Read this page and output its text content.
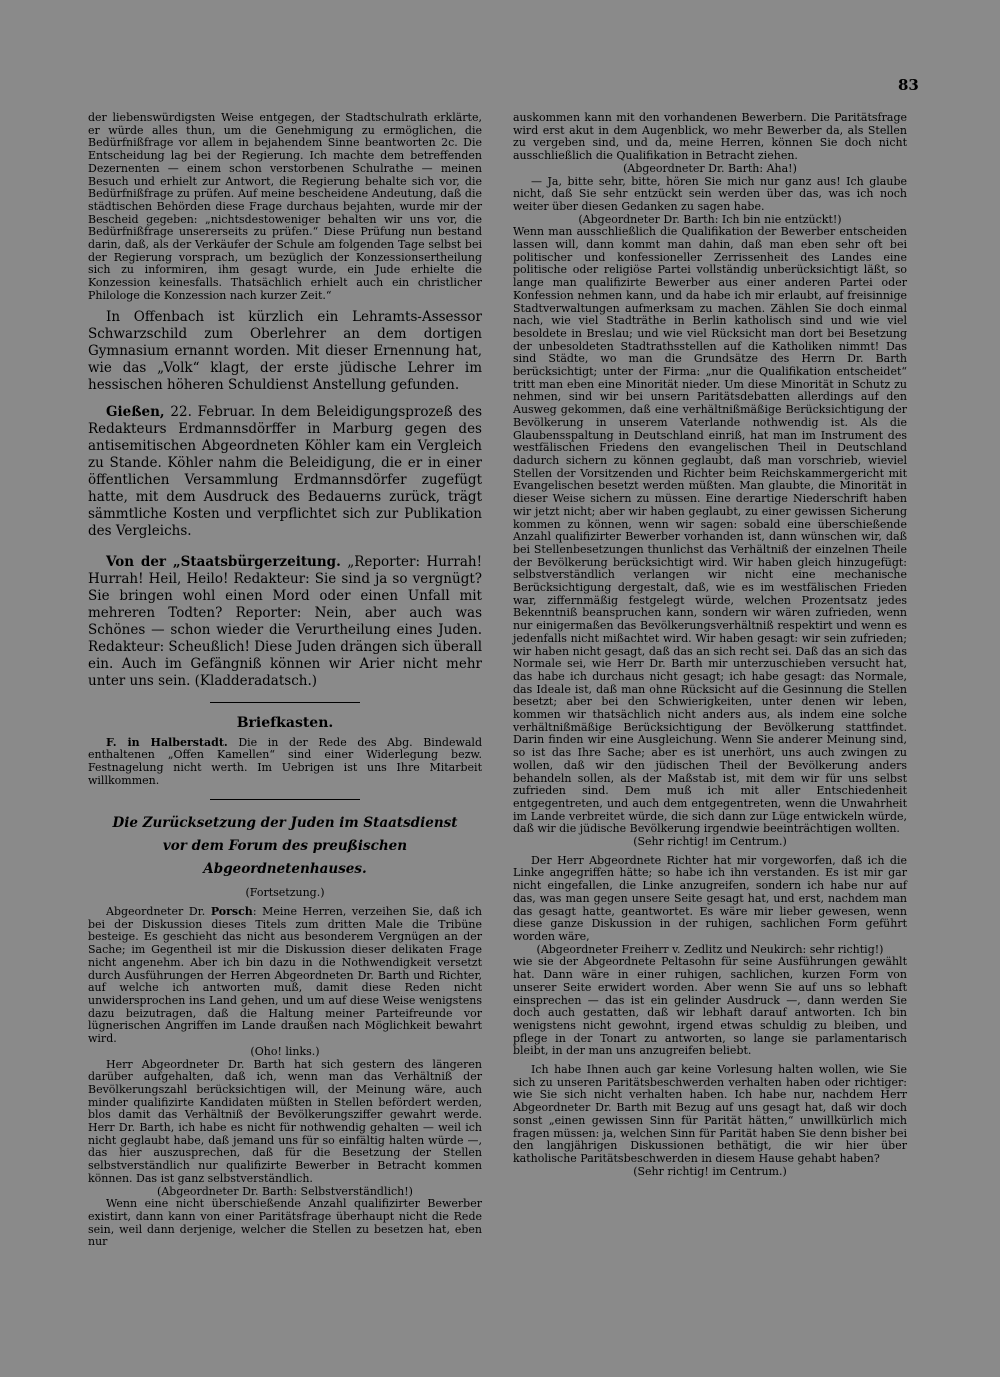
83

der liebenswürdigsten Weise entgegen, der Stadtschulrath erklärte, er würde alles thun, um die Genehmigung zu ermöglichen, die Bedürfnißfrage vor allem in bejahendem Sinne beantworten 2c. Die Entscheidung lag bei der Regierung. Ich machte dem betreffenden Dezernenten — einem schon verstorbenen Schulrathe — meinen Besuch und erhielt zur Antwort, die Regierung behalte sich vor, die Bedürfnißfrage zu prüfen. Auf meine bescheidene Andeutung, daß die städtischen Behörden diese Frage durchaus bejahten, wurde mir der Bescheid gegeben: „nichtsdestoweniger behalten wir uns vor, die Bedürfnißfrage unsererseits zu prüfen.“ Diese Prüfung nun bestand darin, daß, als der Verkäufer der Schule am folgenden Tage selbst bei der Regierung vorsprach, um bezüglich der Konzessionsertheilung sich zu informiren, ihm gesagt wurde, ein Jude erhielte die Konzession keinesfalls. Thatsächlich erhielt auch ein christlicher Philologe die Konzession nach kurzer Zeit.“

In Offenbach ist kürzlich ein Lehramts-Assessor Schwarzschild zum Oberlehrer an dem dortigen Gymnasium ernannt worden. Mit dieser Ernennung hat, wie das „Volk“ klagt, der erste jüdische Lehrer im hessischen höheren Schuldienst Anstellung gefunden.

Gießen, 22. Februar. In dem Beleidigungsprozeß des Redakteurs Erdmannsdörffer in Marburg gegen des antisemitischen Abgeordneten Köhler kam ein Vergleich zu Stande. Köhler nahm die Beleidigung, die er in einer öffentlichen Versammlung Erdmannsdörfer zugefügt hatte, mit dem Ausdruck des Bedauerns zurück, trägt sämmtliche Kosten und verpflichtet sich zur Publikation des Vergleichs.

Von der „Staatsbürgerzeitung. „Reporter: Hurrah! Hurrah! Heil, Heilo! Redakteur: Sie sind ja so vergnügt? Sie bringen wohl einen Mord oder einen Unfall mit mehreren Todten? Reporter: Nein, aber auch was Schönes — schon wieder die Verurtheilung eines Juden. Redakteur: Scheußlich! Diese Juden drängen sich überall ein. Auch im Gefängniß können wir Arier nicht mehr unter uns sein. (Kladderadatsch.)

Briefkasten.

F. in Halberstadt. Die in der Rede des Abg. Bindewald enthaltenen „Offen Kamellen“ sind einer Widerlegung bezw. Festnagelung nicht werth. Im Uebrigen ist uns Ihre Mitarbeit willkommen.

Die Zurücksetzung der Juden im Staatsdienst
vor dem Forum des preußischen Abgeordnetenhauses.

(Fortsetzung.)

Abgeordneter Dr. Porsch: Meine Herren, verzeihen Sie, daß ich bei der Diskussion dieses Titels zum dritten Male die Tribüne besteige. Es geschieht das nicht aus besonderem Vergnügen an der Sache; im Gegentheil ist mir die Diskussion dieser delikaten Frage nicht angenehm. Aber ich bin dazu in die Nothwendigkeit versetzt durch Ausführungen der Herren Abgeordneten Dr. Barth und Richter, auf welche ich antworten muß, damit diese Reden nicht unwidersprochen ins Land gehen, und um auf diese Weise wenigstens dazu beizutragen, daß die Haltung meiner Parteifreunde vor lügnerischen Angriffen im Lande draußen nach Möglichkeit bewahrt wird.

(Oho! links.)

Herr Abgeordneter Dr. Barth hat sich gestern des längeren darüber aufgehalten, daß ich, wenn man das Verhältniß der Bevölkerungszahl berücksichtigen will, der Meinung wäre, auch minder qualifizirte Kandidaten müßten in Stellen befördert werden, blos damit das Verhältniß der Bevölkerungsziffer gewahrt werde. Herr Dr. Barth, ich habe es nicht für nothwendig gehalten — weil ich nicht geglaubt habe, daß jemand uns für so einfältig halten würde —, das hier auszusprechen, daß für die Besetzung der Stellen selbstverständlich nur qualifizirte Bewerber in Betracht kommen können. Das ist ganz selbstverständlich.

(Abgeordneter Dr. Barth: Selbstverständlich!)

Wenn eine nicht überschießende Anzahl qualifizirter Bewerber existirt, dann kann von einer Paritätsfrage überhaupt nicht die Rede sein, weil dann derjenige, welcher die Stellen zu besetzen hat, eben nur

auskommen kann mit den vorhandenen Bewerbern. Die Paritätsfrage wird erst akut in dem Augenblick, wo mehr Bewerber da, als Stellen zu vergeben sind, und da, meine Herren, können Sie doch nicht ausschließlich die Qualifikation in Betracht ziehen.

(Abgeordneter Dr. Barth: Aha!)

— Ja, bitte sehr, bitte, hören Sie mich nur ganz aus! Ich glaube nicht, daß Sie sehr entzückt sein werden über das, was ich noch weiter über diesen Gedanken zu sagen habe.

(Abgeordneter Dr. Barth: Ich bin nie entzückt!)

Wenn man ausschließlich die Qualifikation der Bewerber entscheiden lassen will, dann kommt man dahin, daß man eben sehr oft bei politischer und konfessioneller Zerrissenheit des Landes eine politische oder religiöse Partei vollständig unberücksichtigt läßt, so lange man qualifizirte Bewerber aus einer anderen Partei oder Konfession nehmen kann, und da habe ich mir erlaubt, auf freisinnige Stadtverwaltungen aufmerksam zu machen. Zählen Sie doch einmal nach, wie viel Stadträthe in Berlin katholisch sind und wie viel besoldete in Breslau; und wie viel Rücksicht man dort bei Besetzung der unbesoldeten Stadtrathsstellen auf die Katholiken nimmt! Das sind Städte, wo man die Grundsätze des Herrn Dr. Barth berücksichtigt; unter der Firma: „nur die Qualifikation entscheidet“ tritt man eben eine Minorität nieder. Um diese Minorität in Schutz zu nehmen, sind wir bei unsern Paritätsdebatten allerdings auf den Ausweg gekommen, daß eine verhältnißmäßige Berücksichtigung der Bevölkerung in unserem Vaterlande nothwendig ist. Als die Glaubensspaltung in Deutschland einriß, hat man im Instrument des westfälischen Friedens den evangelischen Theil in Deutschland dadurch sichern zu können geglaubt, daß man vorschrieb, wieviel Stellen der Vorsitzenden und Richter beim Reichskammergericht mit Evangelischen besetzt werden müßten. Man glaubte, die Minorität in dieser Weise sichern zu müssen. Eine derartige Niederschrift haben wir jetzt nicht; aber wir haben geglaubt, zu einer gewissen Sicherung kommen zu können, wenn wir sagen: sobald eine überschießende Anzahl qualifizirter Bewerber vorhanden ist, dann wünschen wir, daß bei Stellenbesetzungen thunlichst das Verhältniß der einzelnen Theile der Bevölkerung berücksichtigt wird. Wir haben gleich hinzugefügt: selbstverständlich verlangen wir nicht eine mechanische Berücksichtigung dergestalt, daß, wie es im westfälischen Frieden war, ziffernmäßig festgelegt würde, welchen Prozentsatz jedes Bekenntniß beanspruchen kann, sondern wir wären zufrieden, wenn nur einigermaßen das Bevölkerungsverhältniß respektirt und wenn es jedenfalls nicht mißachtet wird. Wir haben gesagt: wir sein zufrieden; wir haben nicht gesagt, daß das an sich recht sei. Daß das an sich das Normale sei, wie Herr Dr. Barth mir unterzuschieben versucht hat, das habe ich durchaus nicht gesagt; ich habe gesagt: das Normale, das Ideale ist, daß man ohne Rücksicht auf die Gesinnung die Stellen besetzt; aber bei den Schwierigkeiten, unter denen wir leben, kommen wir thatsächlich nicht anders aus, als indem eine solche verhältnißmäßige Berücksichtigung der Bevölkerung stattfindet. Darin finden wir eine Ausgleichung. Wenn Sie anderer Meinung sind, so ist das Ihre Sache; aber es ist unerhört, uns auch zwingen zu wollen, daß wir den jüdischen Theil der Bevölkerung anders behandeln sollen, als der Maßstab ist, mit dem wir für uns selbst zufrieden sind. Dem muß ich mit aller Entschiedenheit entgegentreten, und auch dem entgegentreten, wenn die Unwahrheit im Lande verbreitet würde, die sich dann zur Lüge entwickeln würde, daß wir die jüdische Bevölkerung irgendwie beeinträchtigen wollten.

(Sehr richtig! im Centrum.)

Der Herr Abgeordnete Richter hat mir vorgeworfen, daß ich die Linke angegriffen hätte; so habe ich ihn verstanden. Es ist mir gar nicht eingefallen, die Linke anzugreifen, sondern ich habe nur auf das, was man gegen unsere Seite gesagt hat, und erst, nachdem man das gesagt hatte, geantwortet. Es wäre mir lieber gewesen, wenn diese ganze Diskussion in der ruhigen, sachlichen Form geführt worden wäre,

(Abgeordneter Freiherr v. Zedlitz und Neukirch: sehr richtig!)

wie sie der Abgeordnete Peltasohn für seine Ausführungen gewählt hat. Dann wäre in einer ruhigen, sachlichen, kurzen Form von unserer Seite erwidert worden. Aber wenn Sie auf uns so lebhaft einsprechen — das ist ein gelinder Ausdruck —, dann werden Sie doch auch gestatten, daß wir lebhaft darauf antworten. Ich bin wenigstens nicht gewohnt, irgend etwas schuldig zu bleiben, und pflege in der Tonart zu antworten, so lange sie parlamentarisch bleibt, in der man uns anzugreifen beliebt.

Ich habe Ihnen auch gar keine Vorlesung halten wollen, wie Sie sich zu unseren Paritätsbeschwerden verhalten haben oder richtiger: wie Sie sich nicht verhalten haben. Ich habe nur, nachdem Herr Abgeordneter Dr. Barth mit Bezug auf uns gesagt hat, daß wir doch sonst „einen gewissen Sinn für Parität hätten,“ unwillkürlich mich fragen müssen: ja, welchen Sinn für Parität haben Sie denn bisher bei den langjährigen Diskussionen bethätigt, die wir hier über katholische Paritätsbeschwerden in diesem Hause gehabt haben?

(Sehr richtig! im Centrum.)
